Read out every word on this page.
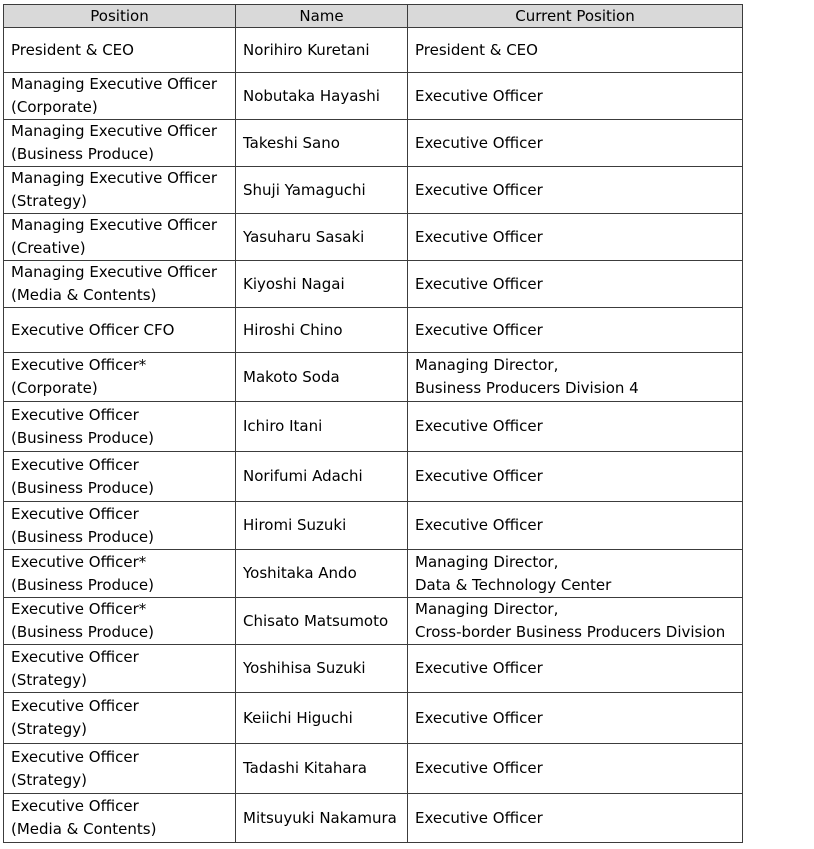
Position	Name	Current Position

President & CEO	Norihiro Kuretani	President & CEO

Managing Executive Officer
(Corporate)	Nobutaka Hayashi	Executive Officer

Managing Executive Officer
(Business Produce)	Takeshi Sano	Executive Officer

Managing Executive Officer
(Strategy)	Shuji Yamaguchi	Executive Officer

Managing Executive Officer
(Creative)	Yasuharu Sasaki	Executive Officer

Managing Executive Officer
(Media & Contents)	Kiyoshi Nagai	Executive Officer

Executive Officer CFO	Hiroshi Chino	Executive Officer

Executive Officer*
(Corporate)	Makoto Soda	Managing Director,
Business Producers Division 4

Executive Officer
(Business Produce)	Ichiro Itani	Executive Officer

Executive Officer
(Business Produce)	Norifumi Adachi	Executive Officer

Executive Officer
(Business Produce)	Hiromi Suzuki	Executive Officer

Executive Officer*
(Business Produce)	Yoshitaka Ando	Managing Director,
Data & Technology Center

Executive Officer*
(Business Produce)	Chisato Matsumoto	Managing Director,
Cross-border Business Producers Division

Executive Officer
(Strategy)	Yoshihisa Suzuki	Executive Officer

Executive Officer
(Strategy)	Keiichi Higuchi	Executive Officer

Executive Officer
(Strategy)	Tadashi Kitahara	Executive Officer

Executive Officer
(Media & Contents)	Mitsuyuki Nakamura	Executive Officer
